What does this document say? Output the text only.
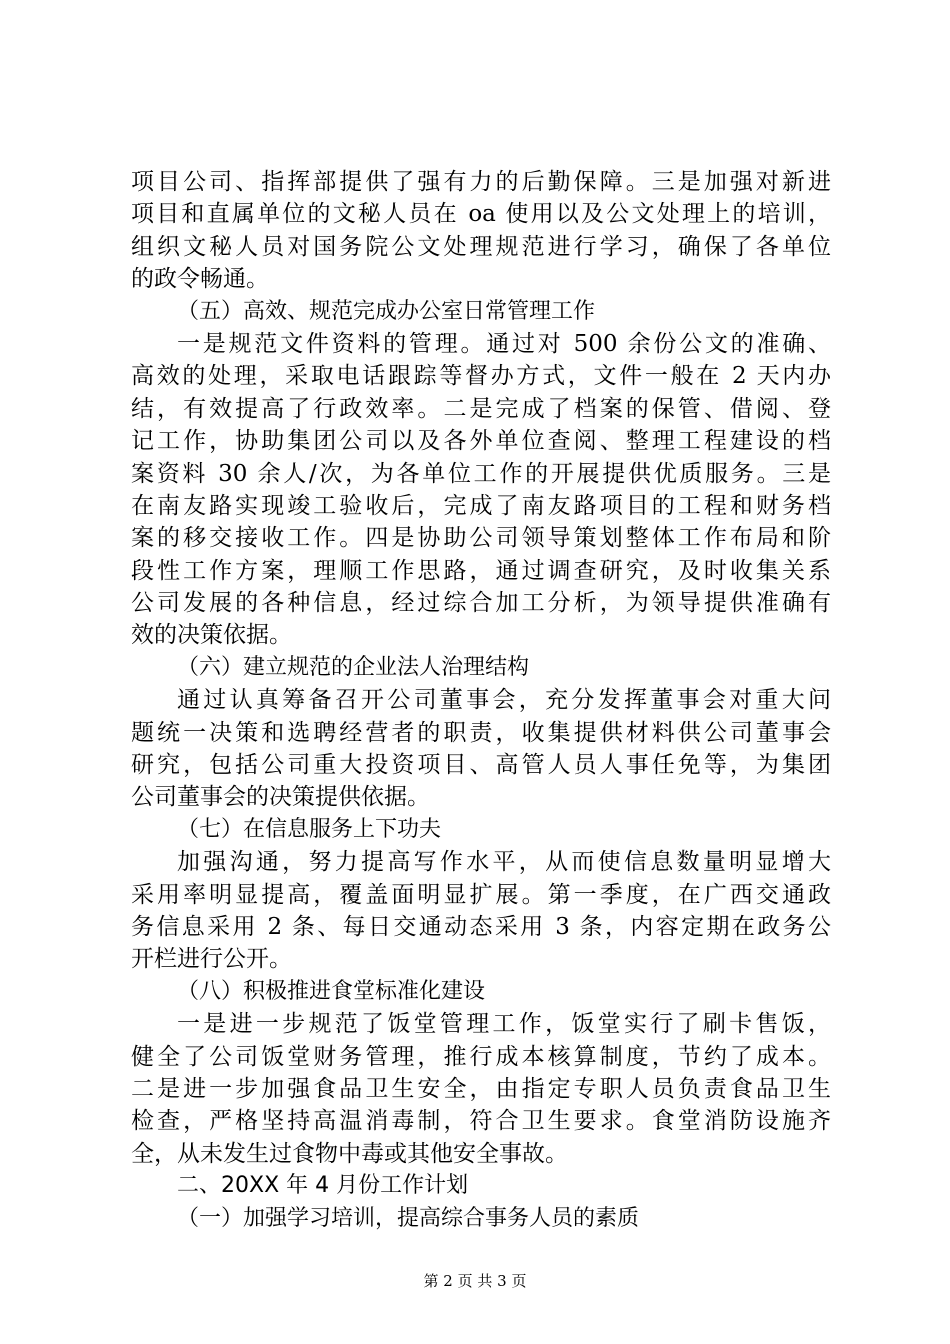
项目公司、指挥部提供了强有力的后勤保障。三是加强对新进
项目和直属单位的文秘人员在 oa 使用以及公文处理上的培训，
组织文秘人员对国务院公文处理规范进行学习，确保了各单位
的政令畅通。
（五）高效、规范完成办公室日常管理工作
一是规范文件资料的管理。通过对 500 余份公文的准确、
高效的处理，采取电话跟踪等督办方式，文件一般在 2 天内办
结，有效提高了行政效率。二是完成了档案的保管、借阅、登
记工作，协助集团公司以及各外单位查阅、整理工程建设的档
案资料 30 余人/次，为各单位工作的开展提供优质服务。三是
在南友路实现竣工验收后，完成了南友路项目的工程和财务档
案的移交接收工作。四是协助公司领导策划整体工作布局和阶
段性工作方案，理顺工作思路，通过调查研究，及时收集关系
公司发展的各种信息，经过综合加工分析，为领导提供准确有
效的决策依据。
（六）建立规范的企业法人治理结构
通过认真筹备召开公司董事会，充分发挥董事会对重大问
题统一决策和选聘经营者的职责，收集提供材料供公司董事会
研究，包括公司重大投资项目、高管人员人事任免等，为集团
公司董事会的决策提供依据。
（七）在信息服务上下功夫
加强沟通，努力提高写作水平，从而使信息数量明显增大
采用率明显提高，覆盖面明显扩展。第一季度，在广西交通政
务信息采用 2 条、每日交通动态采用 3 条，内容定期在政务公
开栏进行公开。
（八）积极推进食堂标准化建设
一是进一步规范了饭堂管理工作，饭堂实行了刷卡售饭，
健全了公司饭堂财务管理，推行成本核算制度，节约了成本。
二是进一步加强食品卫生安全，由指定专职人员负责食品卫生
检查，严格坚持高温消毒制，符合卫生要求。食堂消防设施齐
全，从未发生过食物中毒或其他安全事故。
二、20XX 年 4 月份工作计划
（一）加强学习培训，提高综合事务人员的素质
第 2 页 共 3 页
